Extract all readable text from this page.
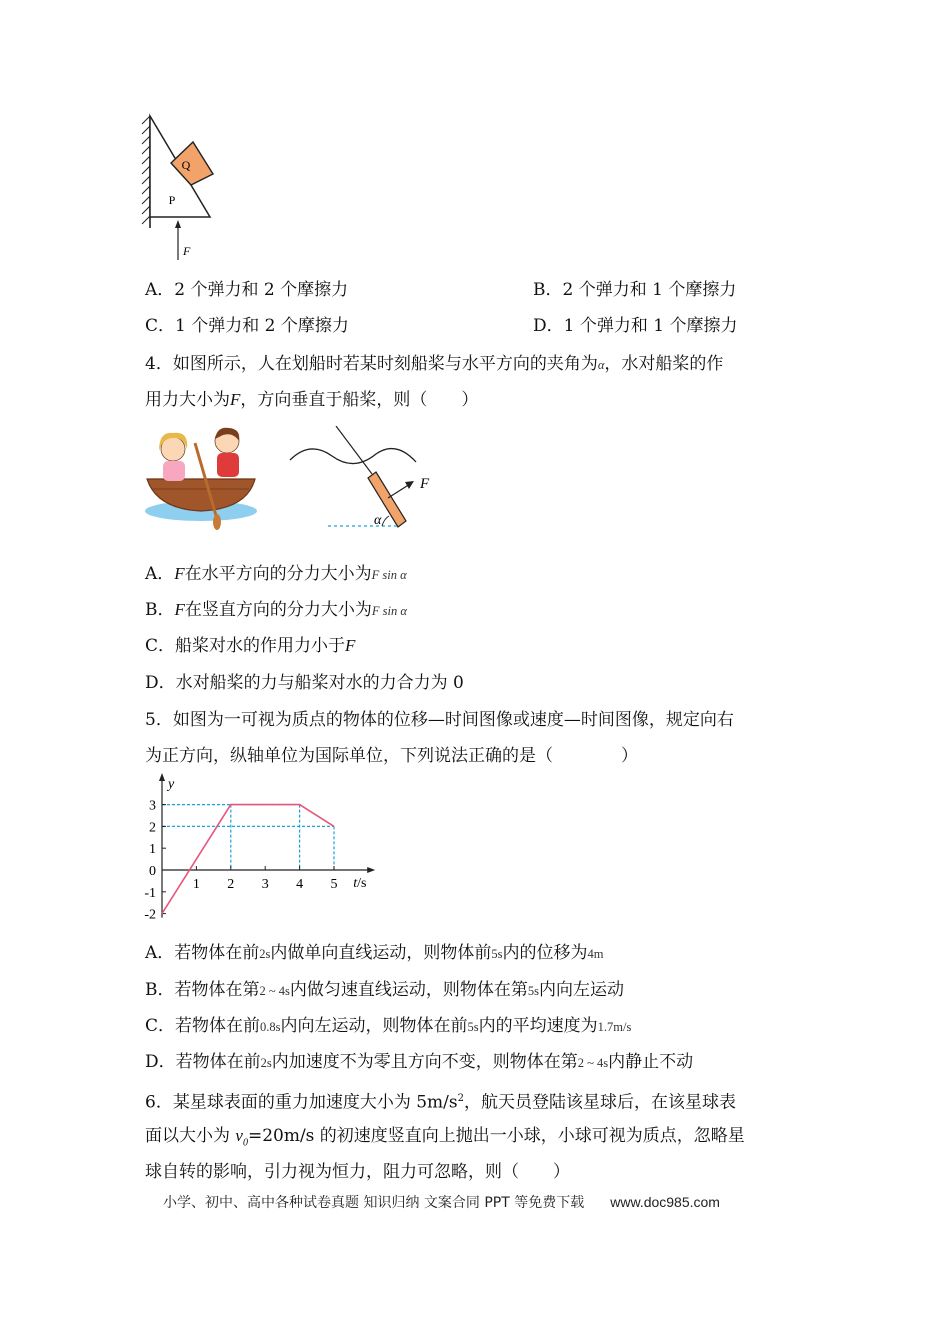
Q
P
F
A．2 个弹力和 2 个摩擦力	B．2 个弹力和 1 个摩擦力
C．1 个弹力和 2 个摩擦力	D．1 个弹力和 1 个摩擦力
4．如图所示，人在划船时若某时刻船桨与水平方向的夹角为α，水对船桨的作
用力大小为F，方向垂直于船桨，则（　　）
F
α
A．F在水平方向的分力大小为F sin α
B．F在竖直方向的分力大小为F sin α
C．船桨对水的作用力小于F
D．水对船桨的力与船桨对水的力合力为 0
5．如图为一可视为质点的物体的位移—时间图像或速度—时间图像，规定向右
为正方向，纵轴单位为国际单位，下列说法正确的是（　　　　）
3
2
1
0
-1
-2
1 2 3 4 5
y
t/s
A．若物体在前2s内做单向直线运动，则物体前5s内的位移为4m
B．若物体在第2 ~ 4s内做匀速直线运动，则物体在第5s内向左运动
C．若物体在前0.8s内向左运动，则物体在前5s内的平均速度为1.7m/s
D．若物体在前2s内加速度不为零且方向不变，则物体在第2 ~ 4s内静止不动
6．某星球表面的重力加速度大小为 $5m/s^2$，航天员登陆该星球后，在该星球表
面以大小为 $v_0=20m/s$ 的初速度竖直向上抛出一小球，小球可视为质点，忽略星
球自转的影响，引力视为恒力，阻力可忽略，则（　　）
小学、初中、高中各种试卷真题 知识归纳 文案合同 PPT 等免费下载 www.doc985.com
